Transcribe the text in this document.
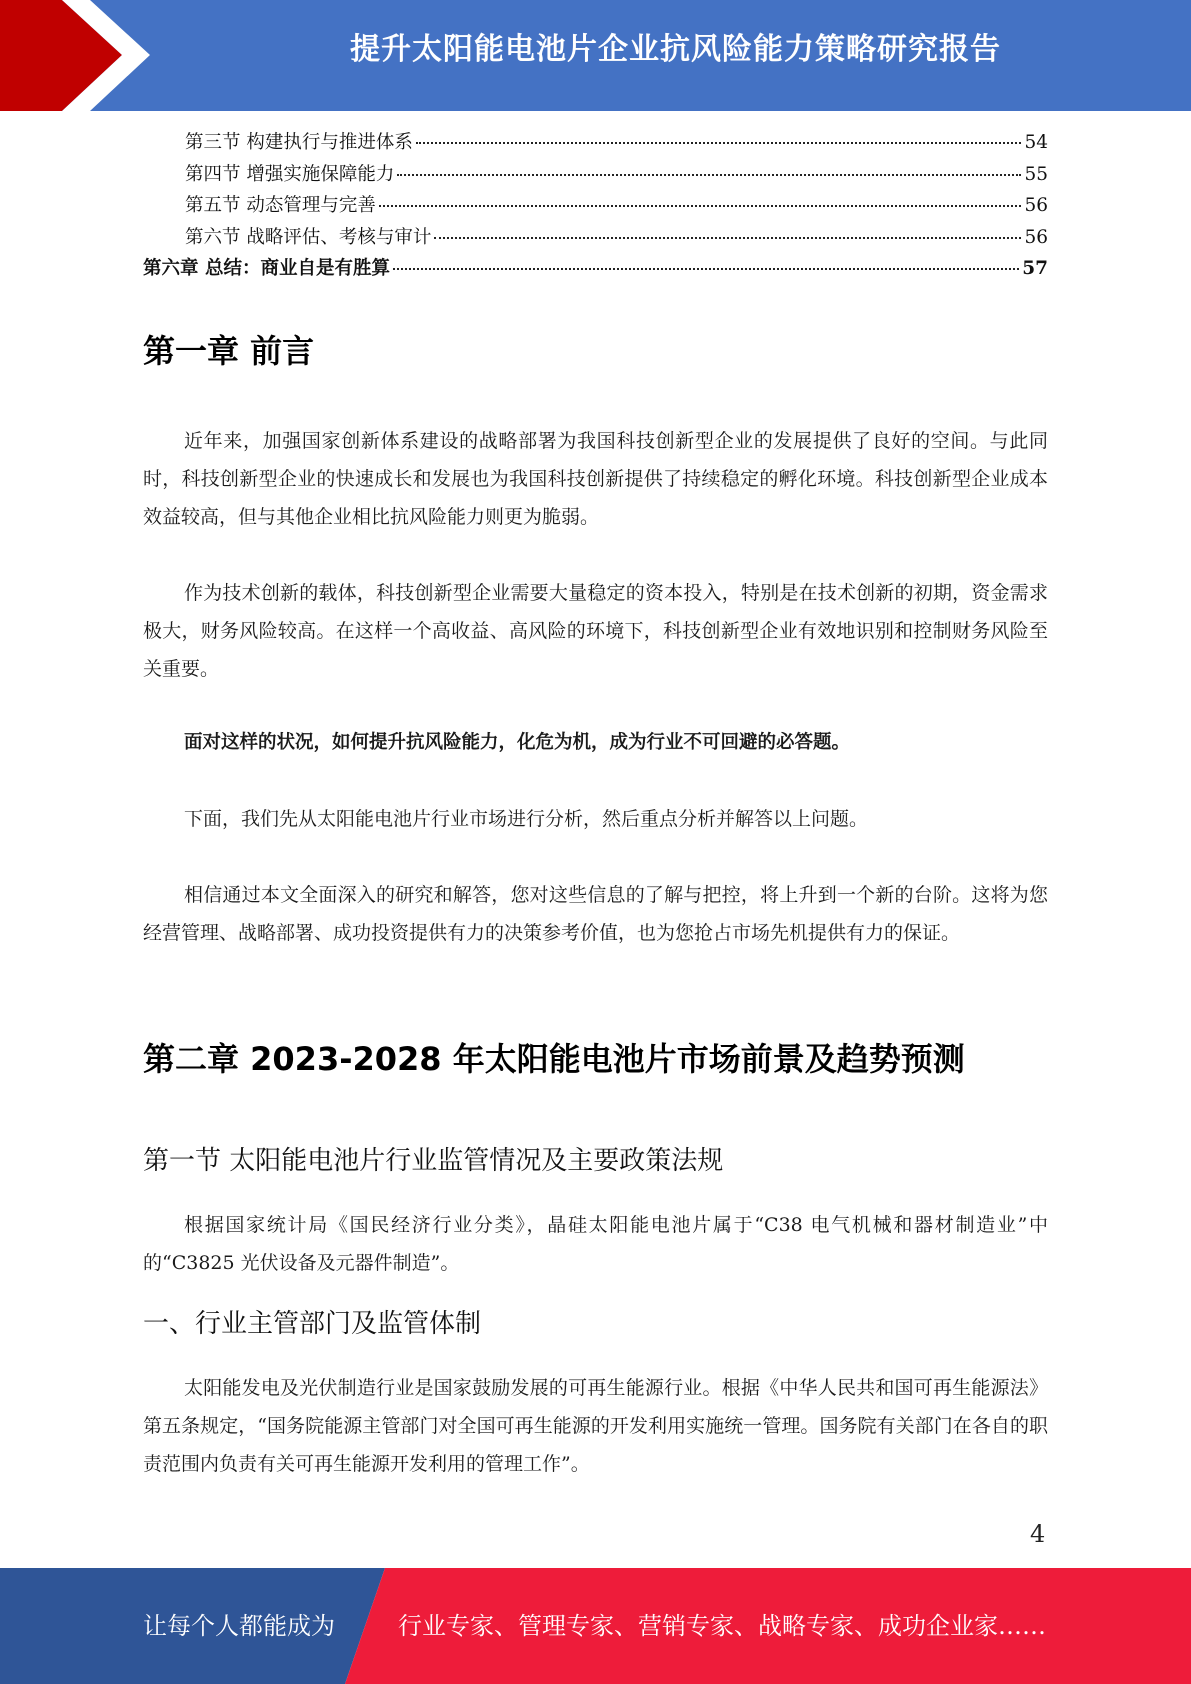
提升太阳能电池片企业抗风险能力策略研究报告
第三节 构建执行与推进体系	54
第四节 增强实施保障能力	55
第五节 动态管理与完善	56
第六节 战略评估、考核与审计	56
第六章 总结：商业自是有胜算	57
第一章 前言
近年来，加强国家创新体系建设的战略部署为我国科技创新型企业的发展提供了良好的空间。与此同时，科技创新型企业的快速成长和发展也为我国科技创新提供了持续稳定的孵化环境。科技创新型企业成本效益较高，但与其他企业相比抗风险能力则更为脆弱。
作为技术创新的载体，科技创新型企业需要大量稳定的资本投入，特别是在技术创新的初期，资金需求极大，财务风险较高。在这样一个高收益、高风险的环境下，科技创新型企业有效地识别和控制财务风险至关重要。
面对这样的状况，如何提升抗风险能力，化危为机，成为行业不可回避的必答题。
下面，我们先从太阳能电池片行业市场进行分析，然后重点分析并解答以上问题。
相信通过本文全面深入的研究和解答，您对这些信息的了解与把控，将上升到一个新的台阶。这将为您经营管理、战略部署、成功投资提供有力的决策参考价值，也为您抢占市场先机提供有力的保证。
第二章 2023-2028 年太阳能电池片市场前景及趋势预测
第一节 太阳能电池片行业监管情况及主要政策法规
根据国家统计局《国民经济行业分类》，晶硅太阳能电池片属于“C38 电气机械和器材制造业”中的“C3825 光伏设备及元器件制造”。
一、行业主管部门及监管体制
太阳能发电及光伏制造行业是国家鼓励发展的可再生能源行业。根据《中华人民共和国可再生能源法》第五条规定，“国务院能源主管部门对全国可再生能源的开发利用实施统一管理。国务院有关部门在各自的职责范围内负责有关可再生能源开发利用的管理工作”。
4
让每个人都能成为	行业专家、管理专家、营销专家、战略专家、成功企业家……
